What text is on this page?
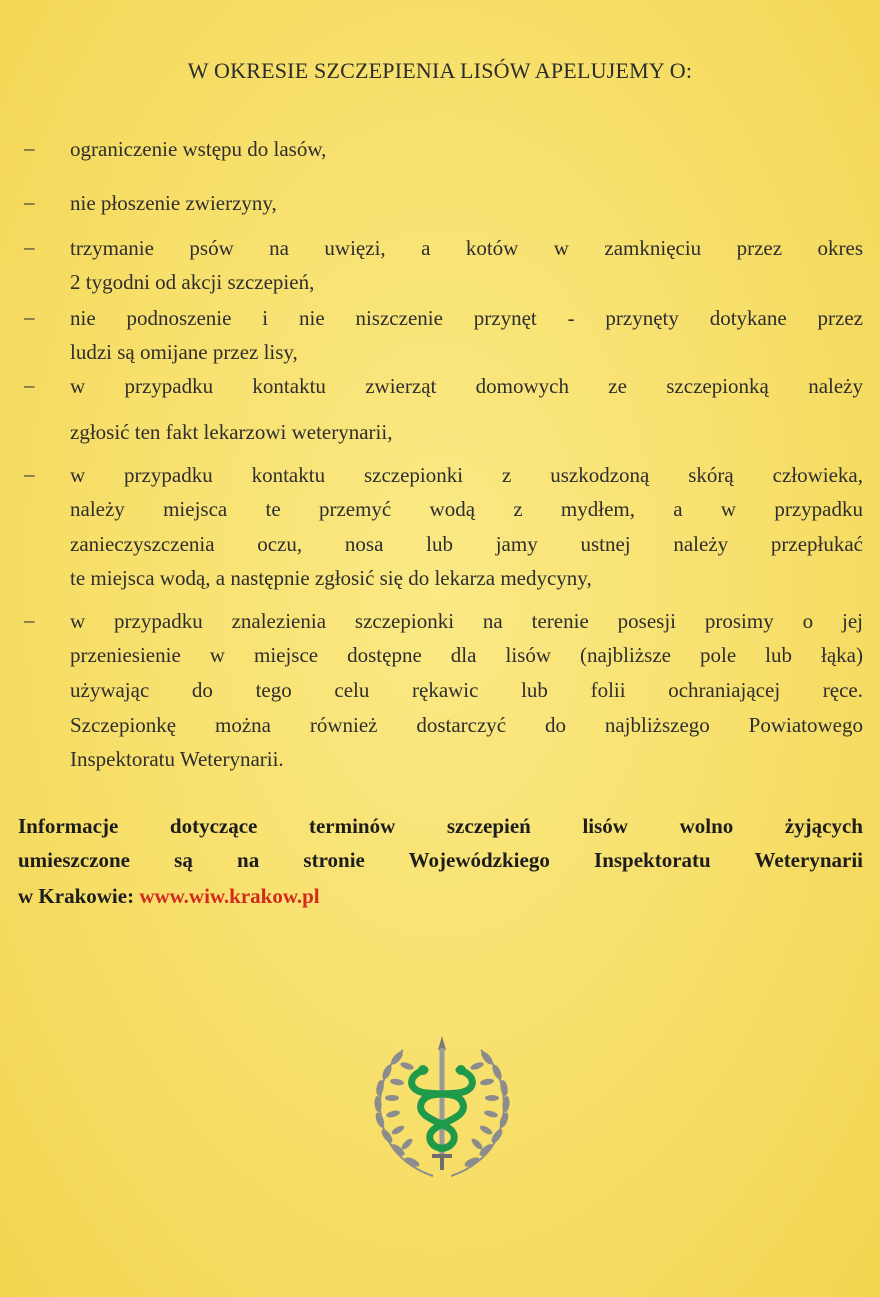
W OKRESIE SZCZEPIENIA LISÓW APELUJEMY O:
– ograniczenie wstępu do lasów,
– nie płoszenie zwierzyny,
– trzymanie psów na uwięzi, a kotów w zamknięciu przez okres
2 tygodni od akcji szczepień,
– nie podnoszenie i nie niszczenie przynęt - przynęty dotykane przez
ludzi są omijane przez lisy,
– w przypadku kontaktu zwierząt domowych ze szczepionką należy
zgłosić ten fakt lekarzowi weterynarii,
– w przypadku kontaktu szczepionki z uszkodzoną skórą człowieka,
należy miejsca te przemyć wodą z mydłem, a w przypadku
zanieczyszczenia oczu, nosa lub jamy ustnej należy przepłukać
te miejsca wodą, a następnie zgłosić się do lekarza medycyny,
– w przypadku znalezienia szczepionki na terenie posesji prosimy o jej
przeniesienie w miejsce dostępne dla lisów (najbliższe pole lub łąka)
używając do tego celu rękawic lub folii ochraniającej ręce.
Szczepionkę można również dostarczyć do najbliższego Powiatowego
Inspektoratu Weterynarii.
Informacje dotyczące terminów szczepień lisów wolno żyjących
umieszczone są na stronie Wojewódzkiego Inspektoratu Weterynarii
w Krakowie: www.wiw.krakow.pl
